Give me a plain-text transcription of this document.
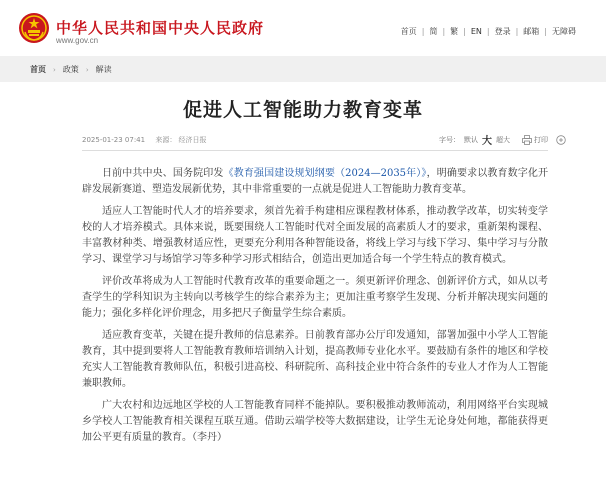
中华人民共和国中央人民政府
www.gov.cn
首页 | 简 | 繁 | EN | 登录 | 邮箱 | 无障碍
首页 › 政策 › 解读
促进人工智能助力教育变革
2025-01-23 07:41 来源： 经济日报	字号： 默认 大 超大	打印

日前中共中央、国务院印发《教育强国建设规划纲要（2024—2035年）》，明确要求以教育数字化开辟发展新赛道、塑造发展新优势，其中非常重要的一点就是促进人工智能助力教育变革。

适应人工智能时代人才的培养要求，须首先着手构建相应课程教材体系，推动教学改革，切实转变学校的人才培养模式。具体来说，既要围绕人工智能时代对全面发展的高素质人才的要求，重新架构课程、丰富教材种类、增强教材适应性，更要充分利用各种智能设备，将线上学习与线下学习、集中学习与分散学习、课堂学习与场馆学习等多种学习形式相结合，创造出更加适合每一个学生特点的教育模式。

评价改革将成为人工智能时代教育改革的重要命题之一。须更新评价理念、创新评价方式，如从以考查学生的学科知识为主转向以考核学生的综合素养为主；更加注重考察学生发现、分析并解决现实问题的能力；强化多样化评价理念，用多把尺子衡量学生综合素质。

适应教育变革，关键在提升教师的信息素养。日前教育部办公厅印发通知，部署加强中小学人工智能教育，其中提到要将人工智能教育教师培训纳入计划，提高教师专业化水平。要鼓励有条件的地区和学校充实人工智能教育教师队伍，积极引进高校、科研院所、高科技企业中符合条件的专业人才作为人工智能兼职教师。

广大农村和边远地区学校的人工智能教育同样不能掉队。要积极推动教师流动，利用网络平台实现城乡学校人工智能教育相关课程互联互通。借助云端学校等大数据建设，让学生无论身处何地，都能获得更加公平更有质量的教育。（李丹）
